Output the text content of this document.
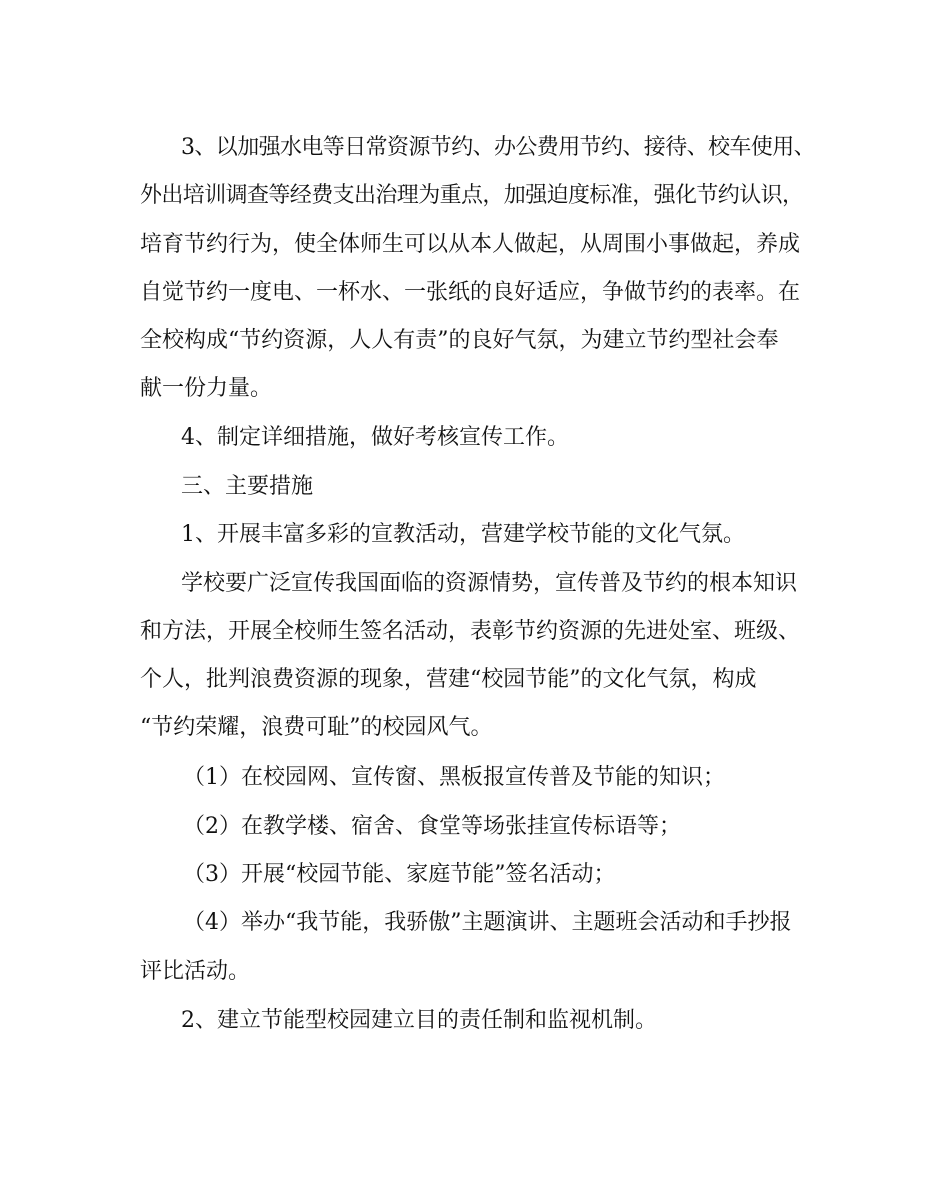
3、以加强水电等日常资源节约、办公费用节约、接待、校车使用、

外出培训调查等经费支出治理为重点，加强迫度标准，强化节约认识，

培育节约行为，使全体师生可以从本人做起，从周围小事做起，养成

自觉节约一度电、一杯水、一张纸的良好适应，争做节约的表率。在

全校构成“节约资源，人人有责”的良好气氛，为建立节约型社会奉

献一份力量。

4、制定详细措施，做好考核宣传工作。

三、主要措施

1、开展丰富多彩的宣教活动，营建学校节能的文化气氛。

学校要广泛宣传我国面临的资源情势，宣传普及节约的根本知识

和方法，开展全校师生签名活动，表彰节约资源的先进处室、班级、

个人，批判浪费资源的现象，营建“校园节能”的文化气氛，构成

“节约荣耀，浪费可耻”的校园风气。

（1）在校园网、宣传窗、黑板报宣传普及节能的知识；

（2）在教学楼、宿舍、食堂等场张挂宣传标语等；

（3）开展“校园节能、家庭节能”签名活动；

（4）举办“我节能，我骄傲”主题演讲、主题班会活动和手抄报

评比活动。

2、建立节能型校园建立目的责任制和监视机制。
